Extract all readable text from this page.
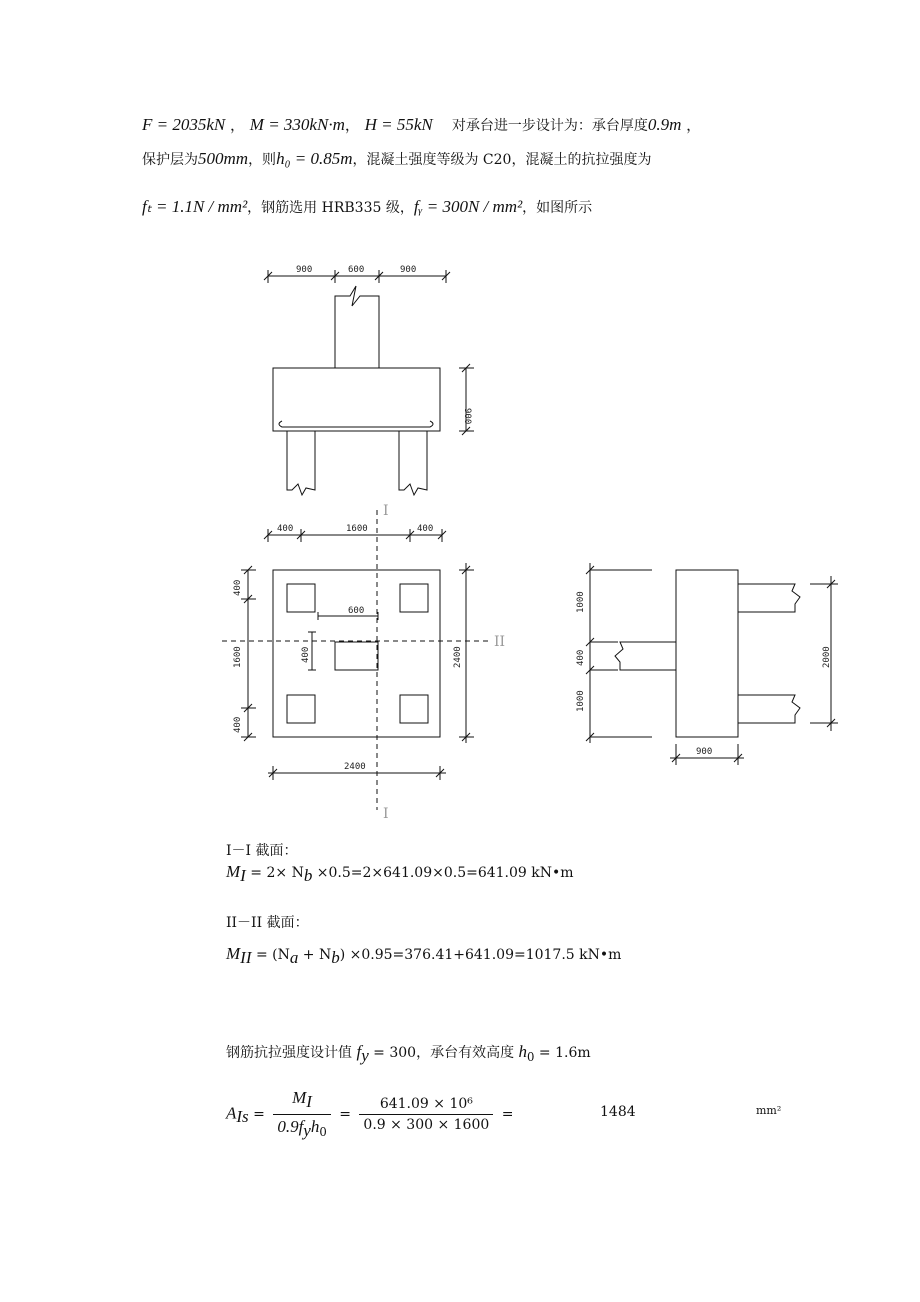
F = 2035kN ， M = 330kN·m， H = 55kN 对承台进一步设计为：承台厚度0.9m ，
保护层为500mm，则h₀ = 0.85m，混凝土强度等级为 C20，混凝土的抗拉强度为
fₜ = 1.1N / mm²，钢筋选用 HRB335 级，fᵧ = 300N / mm²，如图所示
900	600	900
900
400	1600	400
400
1600
400
2400
2400
600
400
I
I
II
1000
400
1000
2000
900
I－I 截面：
$M_I = 2\times N_b \times 0.5=2\times 641.09\times 0.5=641.09$ kN•m
II－II 截面：
$M_{II} = (N_a + N_b) \times 0.95=376.41+641.09=1017.5$ kN•m
钢筋抗拉强度设计值 $f_y = 300$，承台有效高度 $h_0 = 1.6m$
$A_{Is} = \frac{M_I}{0.9f_yh_0} = \frac{\text{641.09 × 10⁶}}{0.9 \times 300 \times 1600}$ =	1484	mm²
